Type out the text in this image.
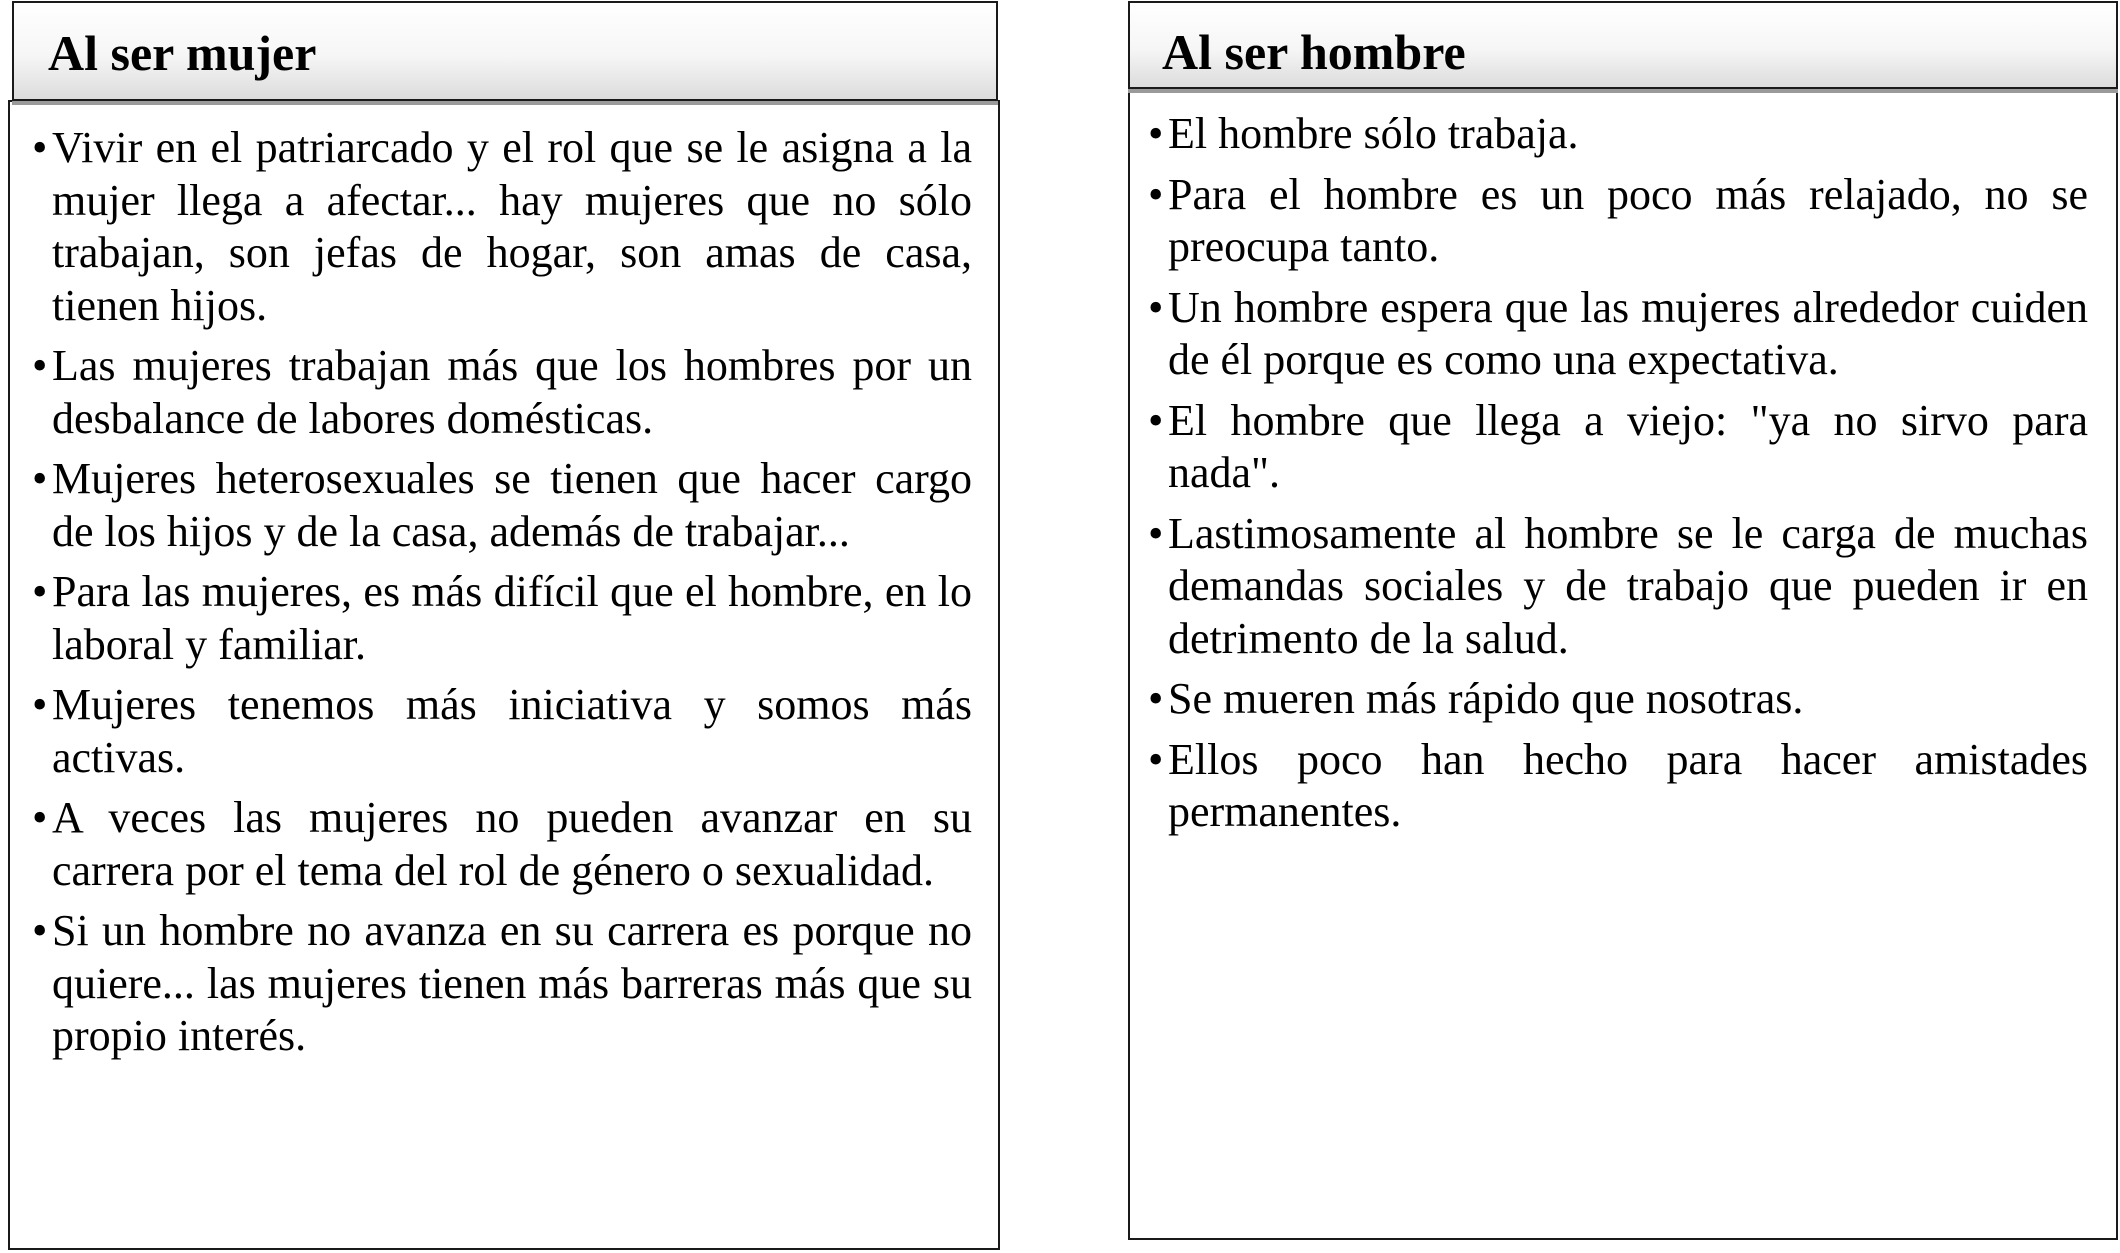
Al ser mujer
• Vivir en el patriarcado y el rol que se le asigna a la mujer llega a afectar... hay mujeres que no sólo trabajan, son jefas de hogar, son amas de casa, tienen hijos.
• Las mujeres trabajan más que los hombres por un desbalance de labores domésticas.
• Mujeres heterosexuales se tienen que hacer cargo de los hijos y de la casa, además de trabajar...
• Para las mujeres, es más difícil que el hombre, en lo laboral y familiar.
• Mujeres tenemos más iniciativa y somos más activas.
• A veces las mujeres no pueden avanzar en su carrera por el tema del rol de género o sexualidad.
• Si un hombre no avanza en su carrera es porque no quiere... las mujeres tienen más barreras más que su propio interés.
Al ser hombre
• El hombre sólo trabaja.
• Para el hombre es un poco más relajado, no se preocupa tanto.
• Un hombre espera que las mujeres alrededor cuiden de él porque es como una expectativa.
• El hombre que llega a viejo: "ya no sirvo para nada".
• Lastimosamente al hombre se le carga de muchas demandas sociales y de trabajo que pueden ir en detrimento de la salud.
• Se mueren más rápido que nosotras.
• Ellos poco han hecho para hacer amistades permanentes.
